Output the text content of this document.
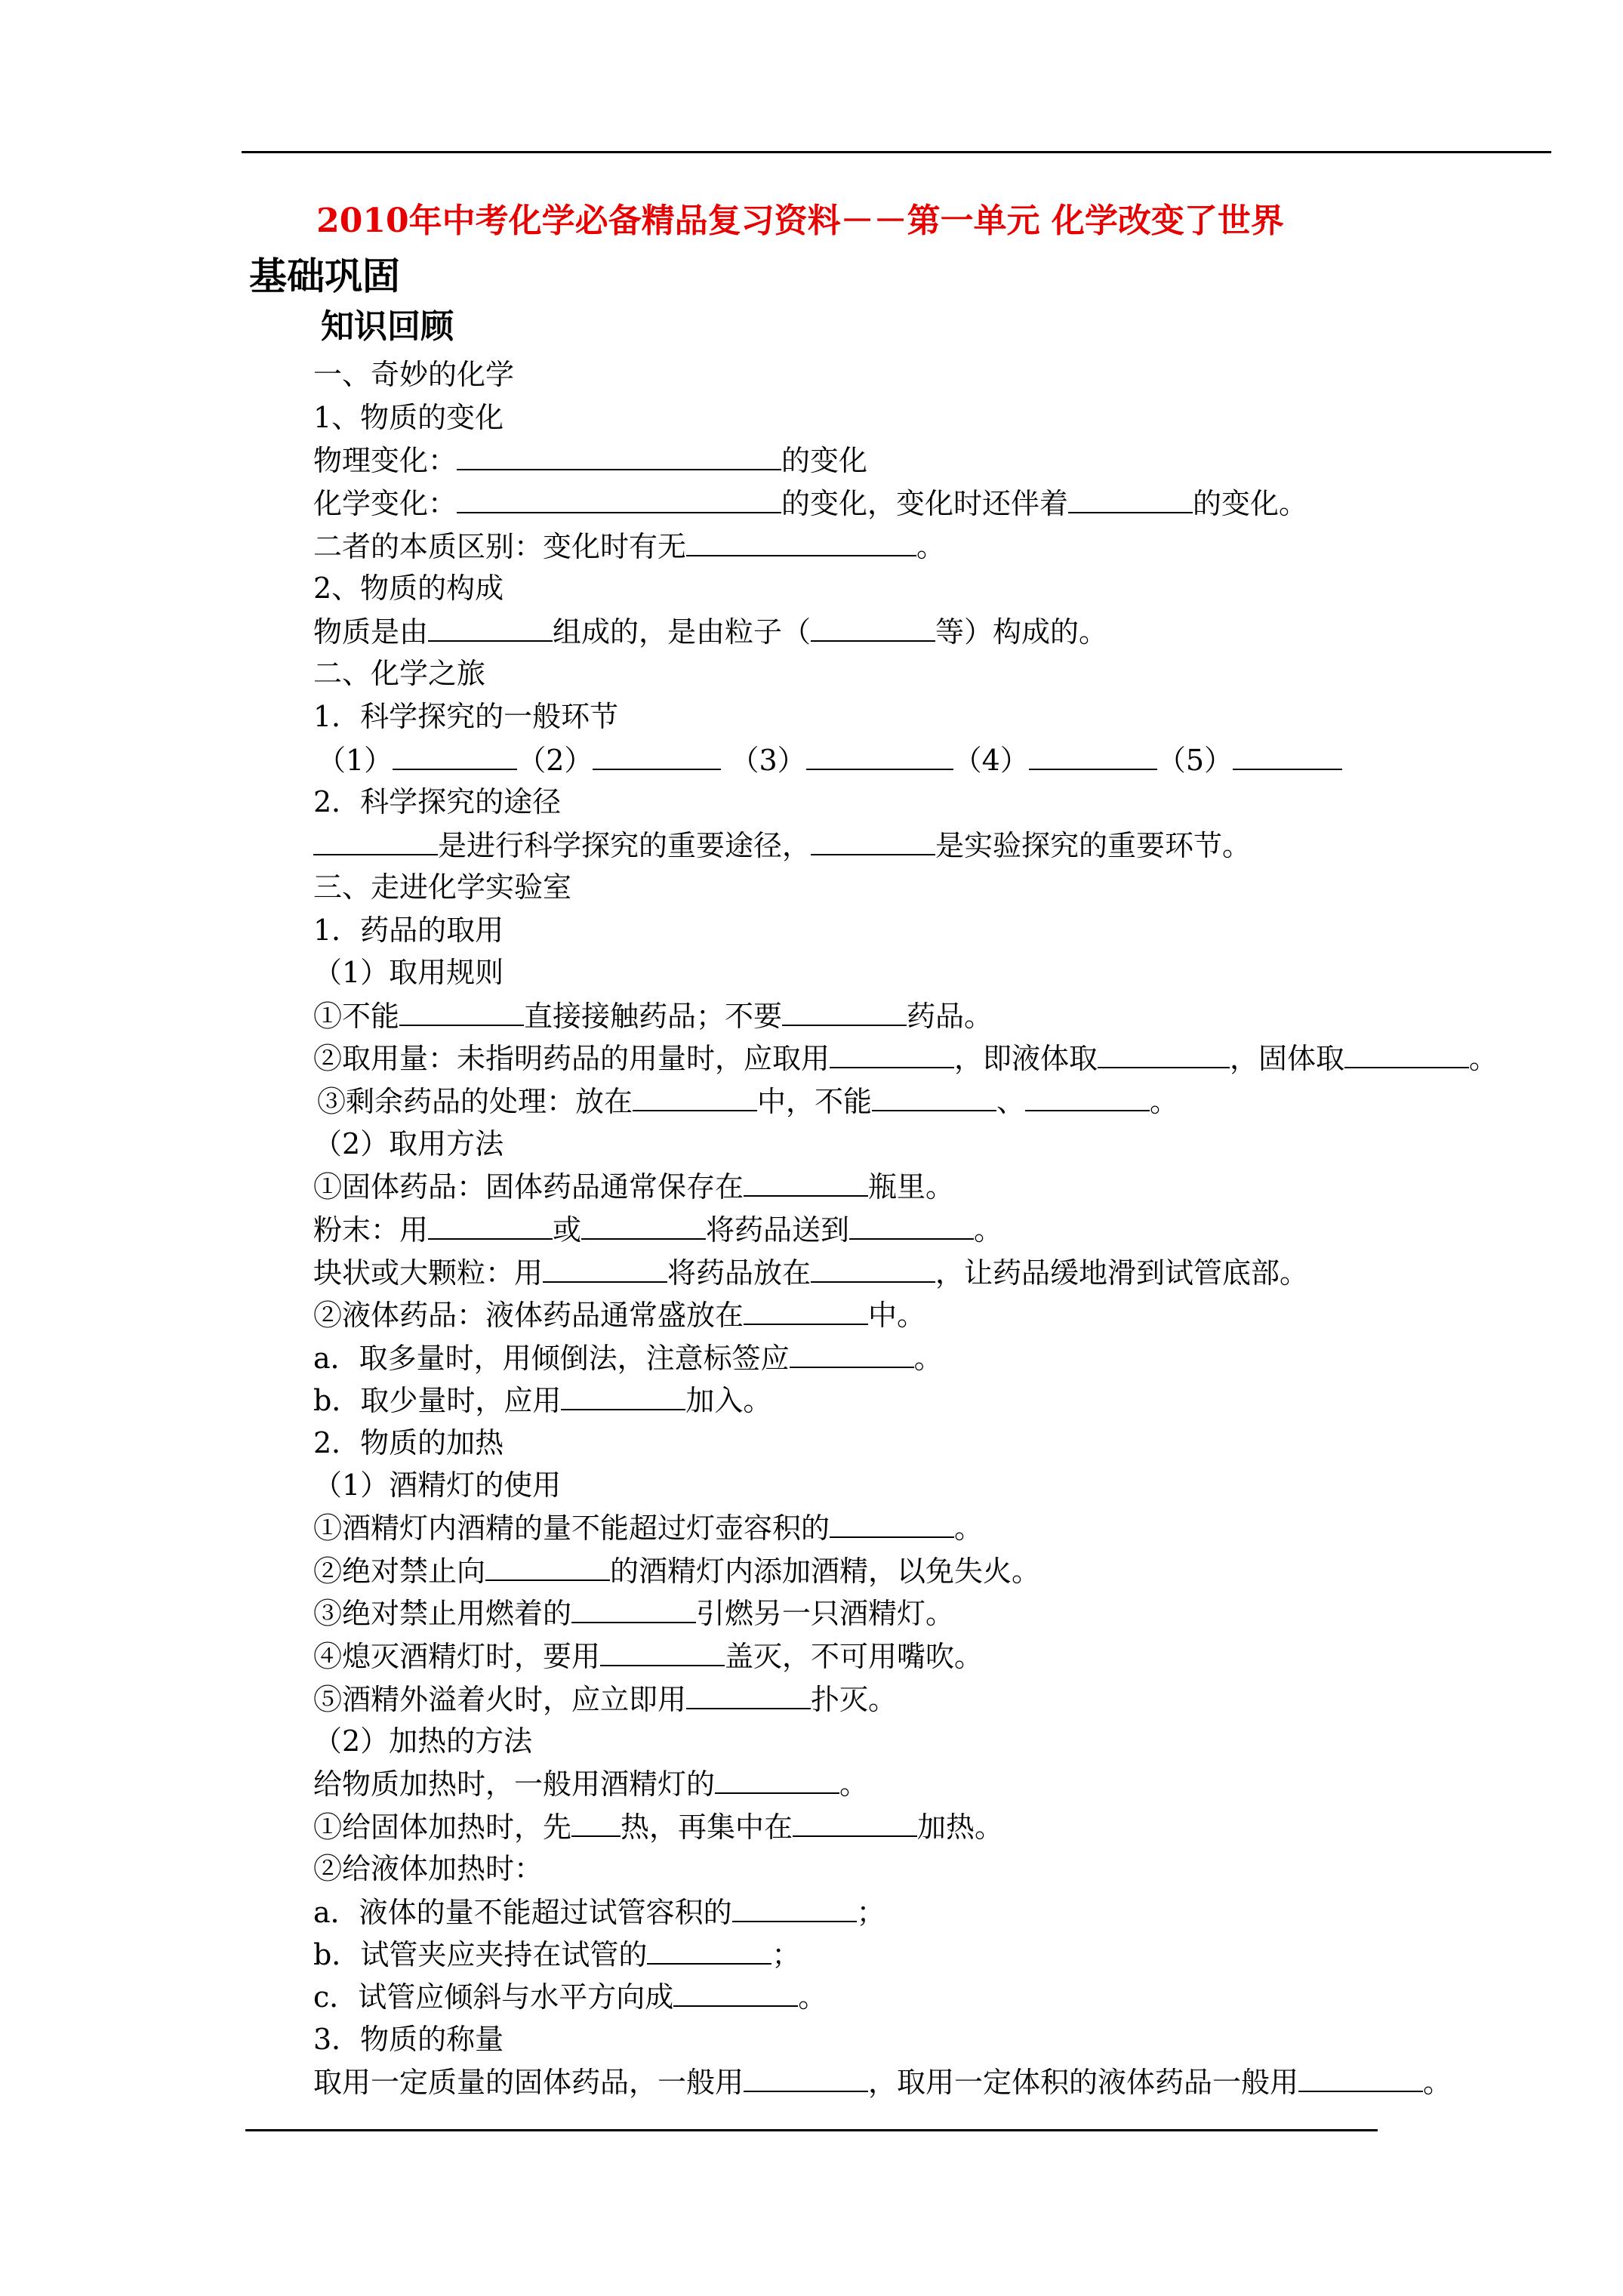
2010年中考化学必备精品复习资料－－第一单元 化学改变了世界
基础巩固
知识回顾
一、奇妙的化学
1、物质的变化
物理变化：	的变化
化学变化：	的变化，变化时还伴着	的变化。
二者的本质区别：变化时有无	。
2、物质的构成
物质是由	组成的，是由粒子（	等）构成的。
二、化学之旅
1．科学探究的一般环节
（1）	（2）	（3）	（4）	（5）
2．科学探究的途径
是进行科学探究的重要途径，	是实验探究的重要环节。
三、走进化学实验室
1．药品的取用
（1）取用规则
①不能	直接接触药品；不要	药品。
②取用量：未指明药品的用量时，应取用	，即液体取	，固体取	。
③剩余药品的处理：放在	中，不能	、	。
（2）取用方法
①固体药品：固体药品通常保存在	瓶里。
粉末：用	或	将药品送到	。
块状或大颗粒：用	将药品放在	，让药品缓地滑到试管底部。
②液体药品：液体药品通常盛放在	中。
a．取多量时，用倾倒法，注意标签应	。
b．取少量时，应用	加入。
2．物质的加热
（1）酒精灯的使用
①酒精灯内酒精的量不能超过灯壶容积的	。
②绝对禁止向	的酒精灯内添加酒精，以免失火。
③绝对禁止用燃着的	引燃另一只酒精灯。
④熄灭酒精灯时，要用	盖灭，不可用嘴吹。
⑤酒精外溢着火时，应立即用	扑灭。
（2）加热的方法
给物质加热时，一般用酒精灯的	。
①给固体加热时，先 热，再集中在	加热。
②给液体加热时：
a．液体的量不能超过试管容积的	；
b．试管夹应夹持在试管的	；
c．试管应倾斜与水平方向成	。
3．物质的称量
取用一定质量的固体药品，一般用	，取用一定体积的液体药品一般用	。
